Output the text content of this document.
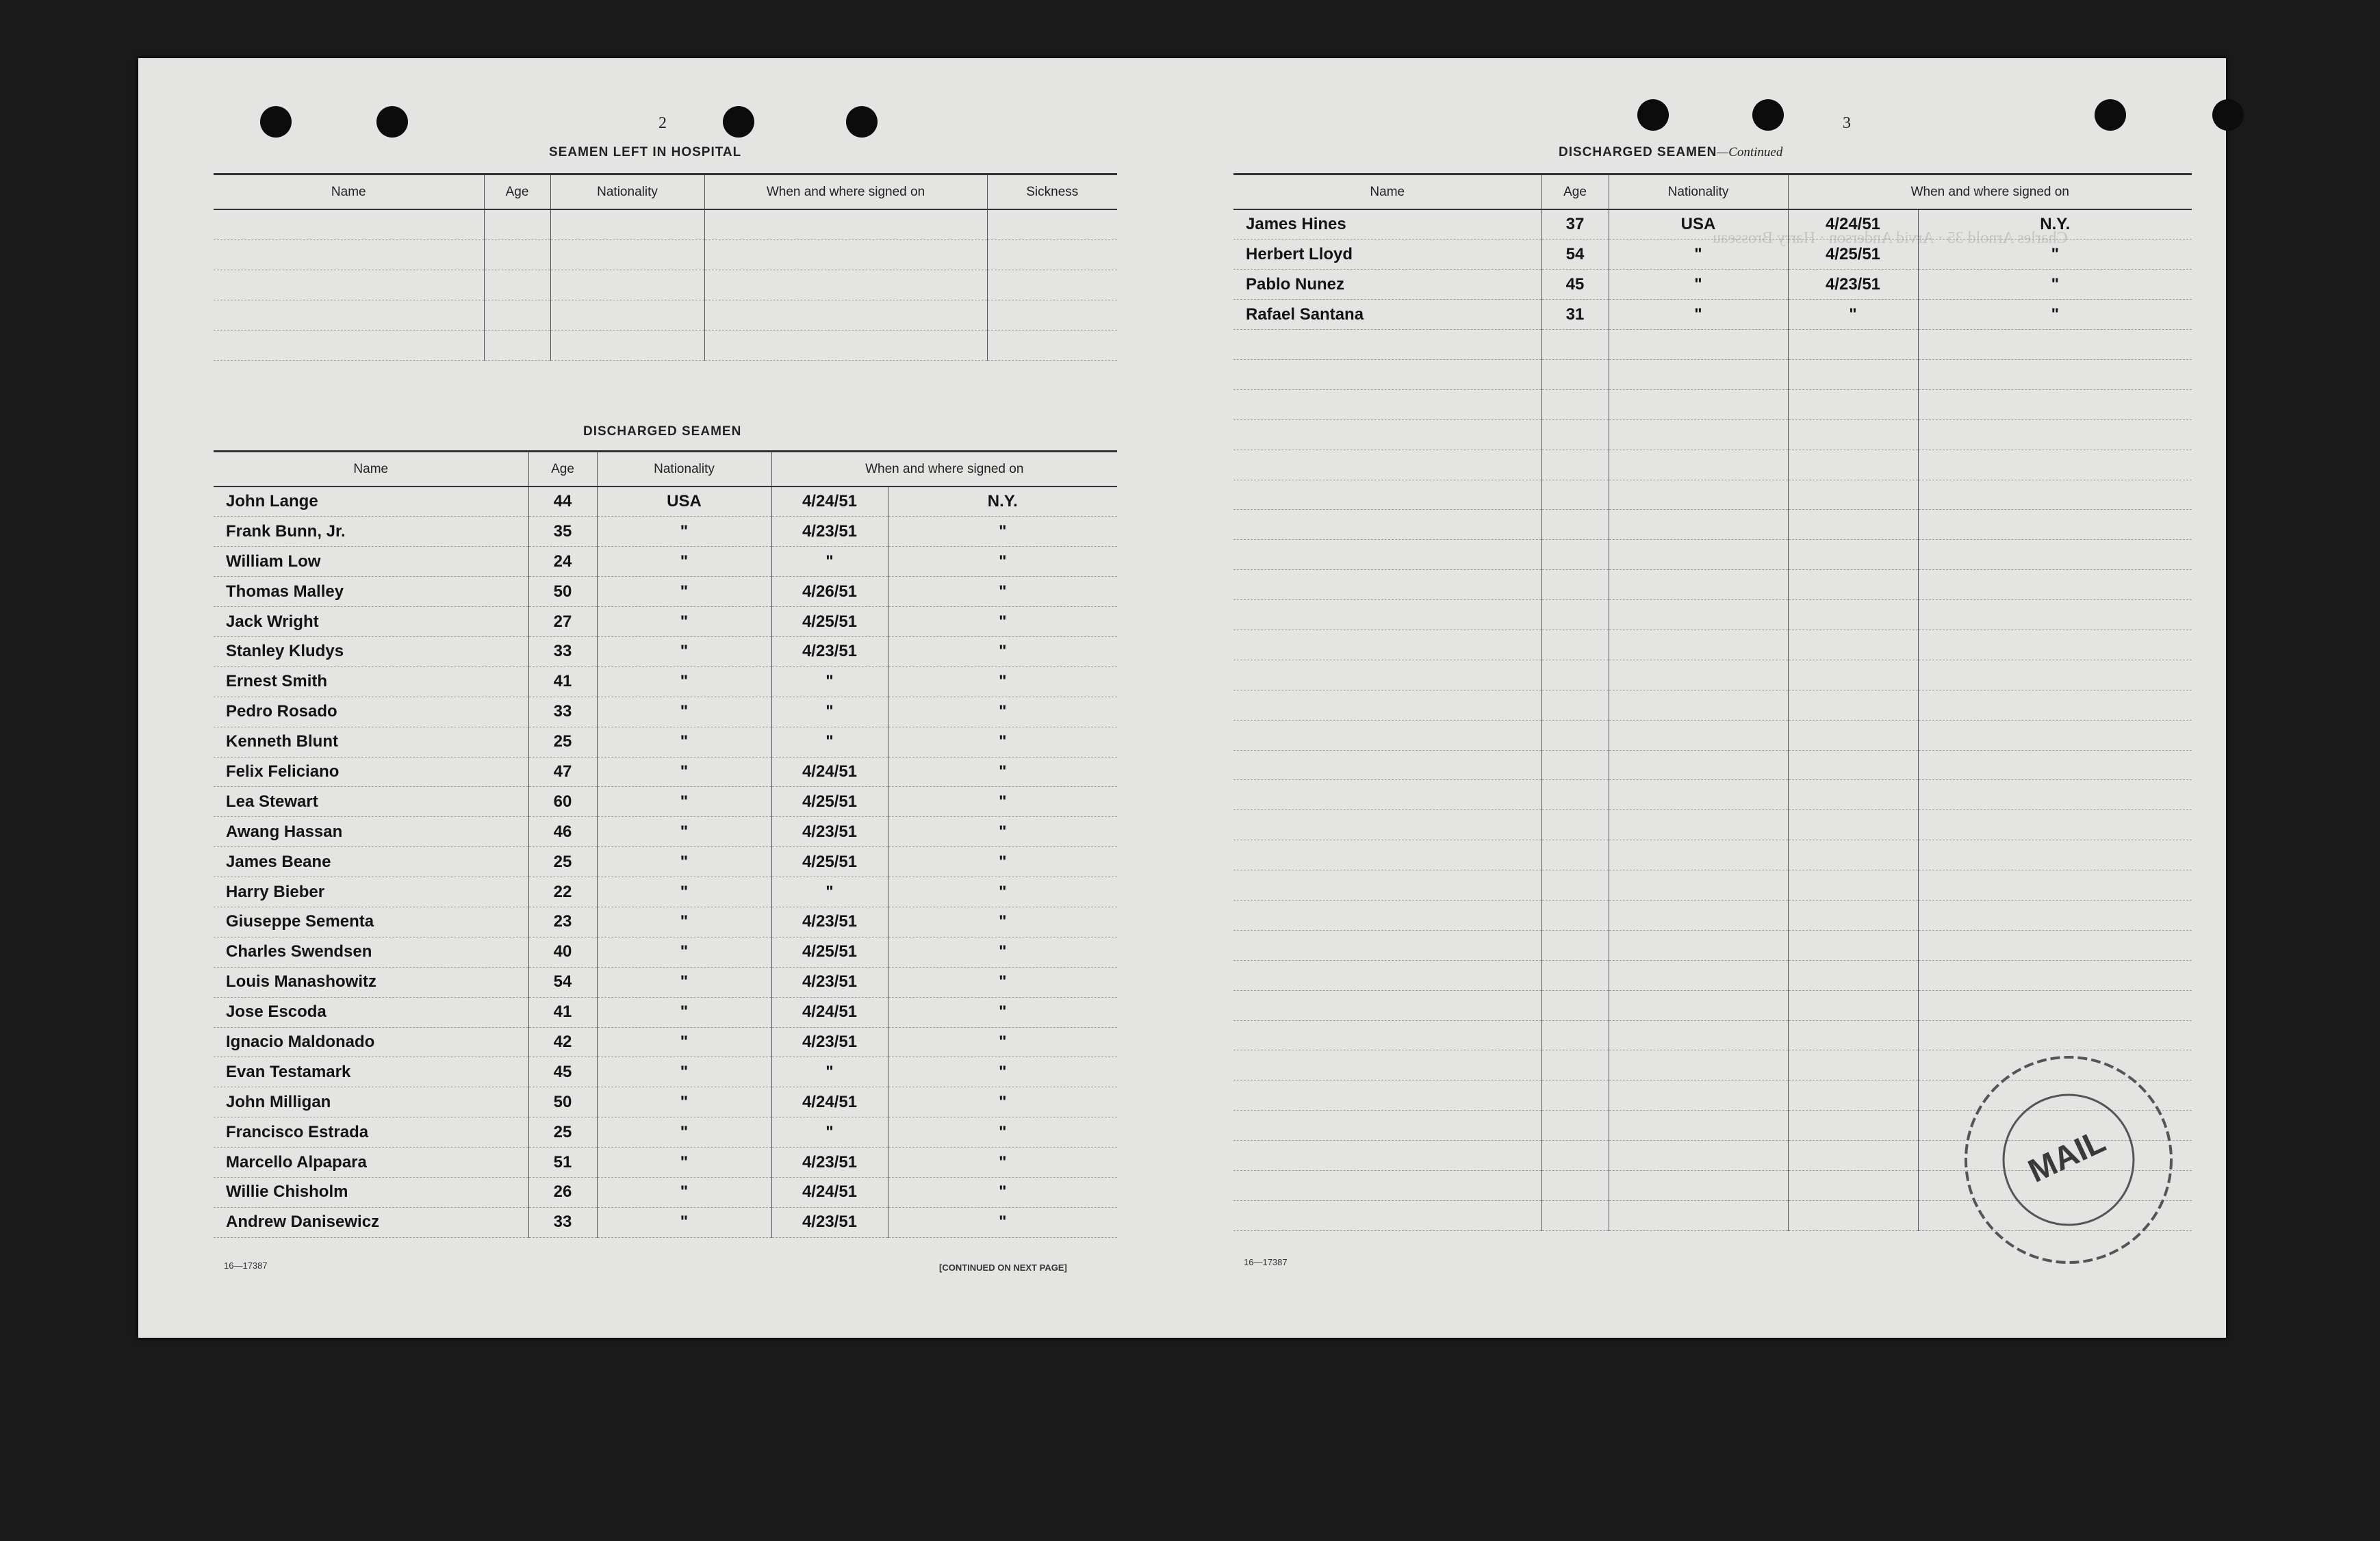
2
SEAMEN LEFT IN HOSPITAL
Name	Age	Nationality	When and where signed on	Sickness

DISCHARGED SEAMEN
Name	Age	Nationality	When and where signed on	
John Lange	44	USA	4/24/51	N.Y.
Frank Bunn, Jr.	35	"	4/23/51	"
William Low	24	"	"	"
Thomas Malley	50	"	4/26/51	"
Jack Wright	27	"	4/25/51	"
Stanley Kludys	33	"	4/23/51	"
Ernest Smith	41	"	"	"
Pedro Rosado	33	"	"	"
Kenneth Blunt	25	"	"	"
Felix Feliciano	47	"	4/24/51	"
Lea Stewart	60	"	4/25/51	"
Awang Hassan	46	"	4/23/51	"
James Beane	25	"	4/25/51	"
Harry Bieber	22	"	"	"
Giuseppe Sementa	23	"	4/23/51	"
Charles Swendsen	40	"	4/25/51	"
Louis Manashowitz	54	"	4/23/51	"
Jose Escoda	41	"	4/24/51	"
Ignacio Maldonado	42	"	4/23/51	"
Evan Testamark	45	"	"	"
John Milligan	50	"	4/24/51	"
Francisco Estrada	25	"	"	"
Marcello Alpapara	51	"	4/23/51	"
Willie Chisholm	26	"	4/24/51	"
Andrew Danisewicz	33	"	4/23/51	"
16—17387	[CONTINUED ON NEXT PAGE]
Charles Arnold 35 · Arvid Anderson · Harry Brosseau
3
DISCHARGED SEAMEN—Continued
Name	Age	Nationality	When and where signed on	
James Hines	37	USA	4/24/51	N.Y.
Herbert Lloyd	54	"	4/25/51	"
Pablo Nunez	45	"	4/23/51	"
Rafael Santana	31	"	"	"

MAIL
16—17387
